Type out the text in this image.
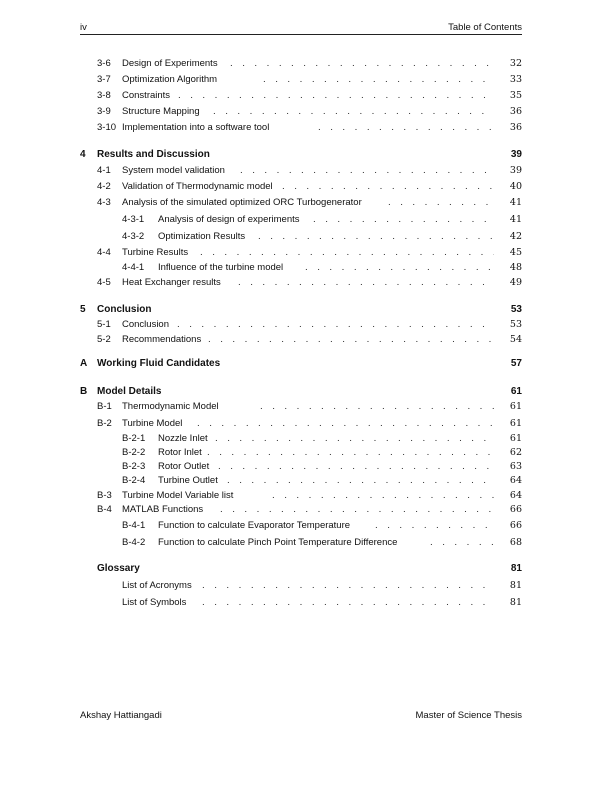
iv	Table of Contents
3-6 Design of Experiments . . .	32
3-7 Optimization Algorithm . . .	33
3-8 Constraints . . .	35
3-9 Structure Mapping . . .	36
3-10 Implementation into a software tool . . .	36
4 Results and Discussion	39
4-1 System model validation . . .	39
4-2 Validation of Thermodynamic model . . .	40
4-3 Analysis of the simulated optimized ORC Turbogenerator . . .	41
4-3-1 Analysis of design of experiments . . .	41
4-3-2 Optimization Results . . .	42
4-4 Turbine Results . . .	45
4-4-1 Influence of the turbine model . . .	48
4-5 Heat Exchanger results . . .	49
5 Conclusion	53
5-1 Conclusion . . .	53
5-2 Recommendations . . .	54
A Working Fluid Candidates	57
B Model Details	61
B-1 Thermodynamic Model . . .	61
B-2 Turbine Model . . .	61
B-2-1 Nozzle Inlet . . .	61
B-2-2 Rotor Inlet . . .	62
B-2-3 Rotor Outlet . . .	63
B-2-4 Turbine Outlet . . .	64
B-3 Turbine Model Variable list . . .	64
B-4 MATLAB Functions . . .	66
B-4-1 Function to calculate Evaporator Temperature . . .	66
B-4-2 Function to calculate Pinch Point Temperature Difference . . .	68
Glossary	81
List of Acronyms . . .	81
List of Symbols . . .	81
Akshay Hattiangadi	Master of Science Thesis
